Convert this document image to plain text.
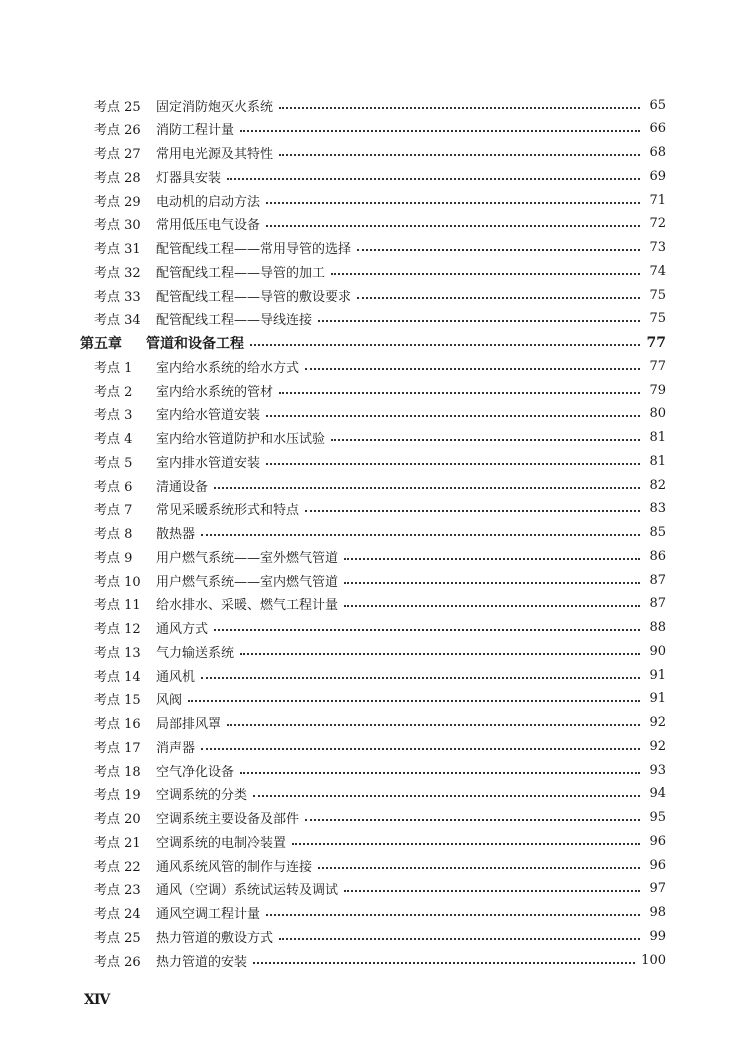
考点 25	固定消防炮灭火系统	65
考点 26	消防工程计量	66
考点 27	常用电光源及其特性	68
考点 28	灯器具安装	69
考点 29	电动机的启动方法	71
考点 30	常用低压电气设备	72
考点 31	配管配线工程——常用导管的选择	73
考点 32	配管配线工程——导管的加工	74
考点 33	配管配线工程——导管的敷设要求	75
考点 34	配管配线工程——导线连接	75
第五章	管道和设备工程	77
考点 1	室内给水系统的给水方式	77
考点 2	室内给水系统的管材	79
考点 3	室内给水管道安装	80
考点 4	室内给水管道防护和水压试验	81
考点 5	室内排水管道安装	81
考点 6	清通设备	82
考点 7	常见采暖系统形式和特点	83
考点 8	散热器	85
考点 9	用户燃气系统——室外燃气管道	86
考点 10	用户燃气系统——室内燃气管道	87
考点 11	给水排水、采暖、燃气工程计量	87
考点 12	通风方式	88
考点 13	气力输送系统	90
考点 14	通风机	91
考点 15	风阀	91
考点 16	局部排风罩	92
考点 17	消声器	92
考点 18	空气净化设备	93
考点 19	空调系统的分类	94
考点 20	空调系统主要设备及部件	95
考点 21	空调系统的电制冷装置	96
考点 22	通风系统风管的制作与连接	96
考点 23	通风（空调）系统试运转及调试	97
考点 24	通风空调工程计量	98
考点 25	热力管道的敷设方式	99
考点 26	热力管道的安装	100
XIV
